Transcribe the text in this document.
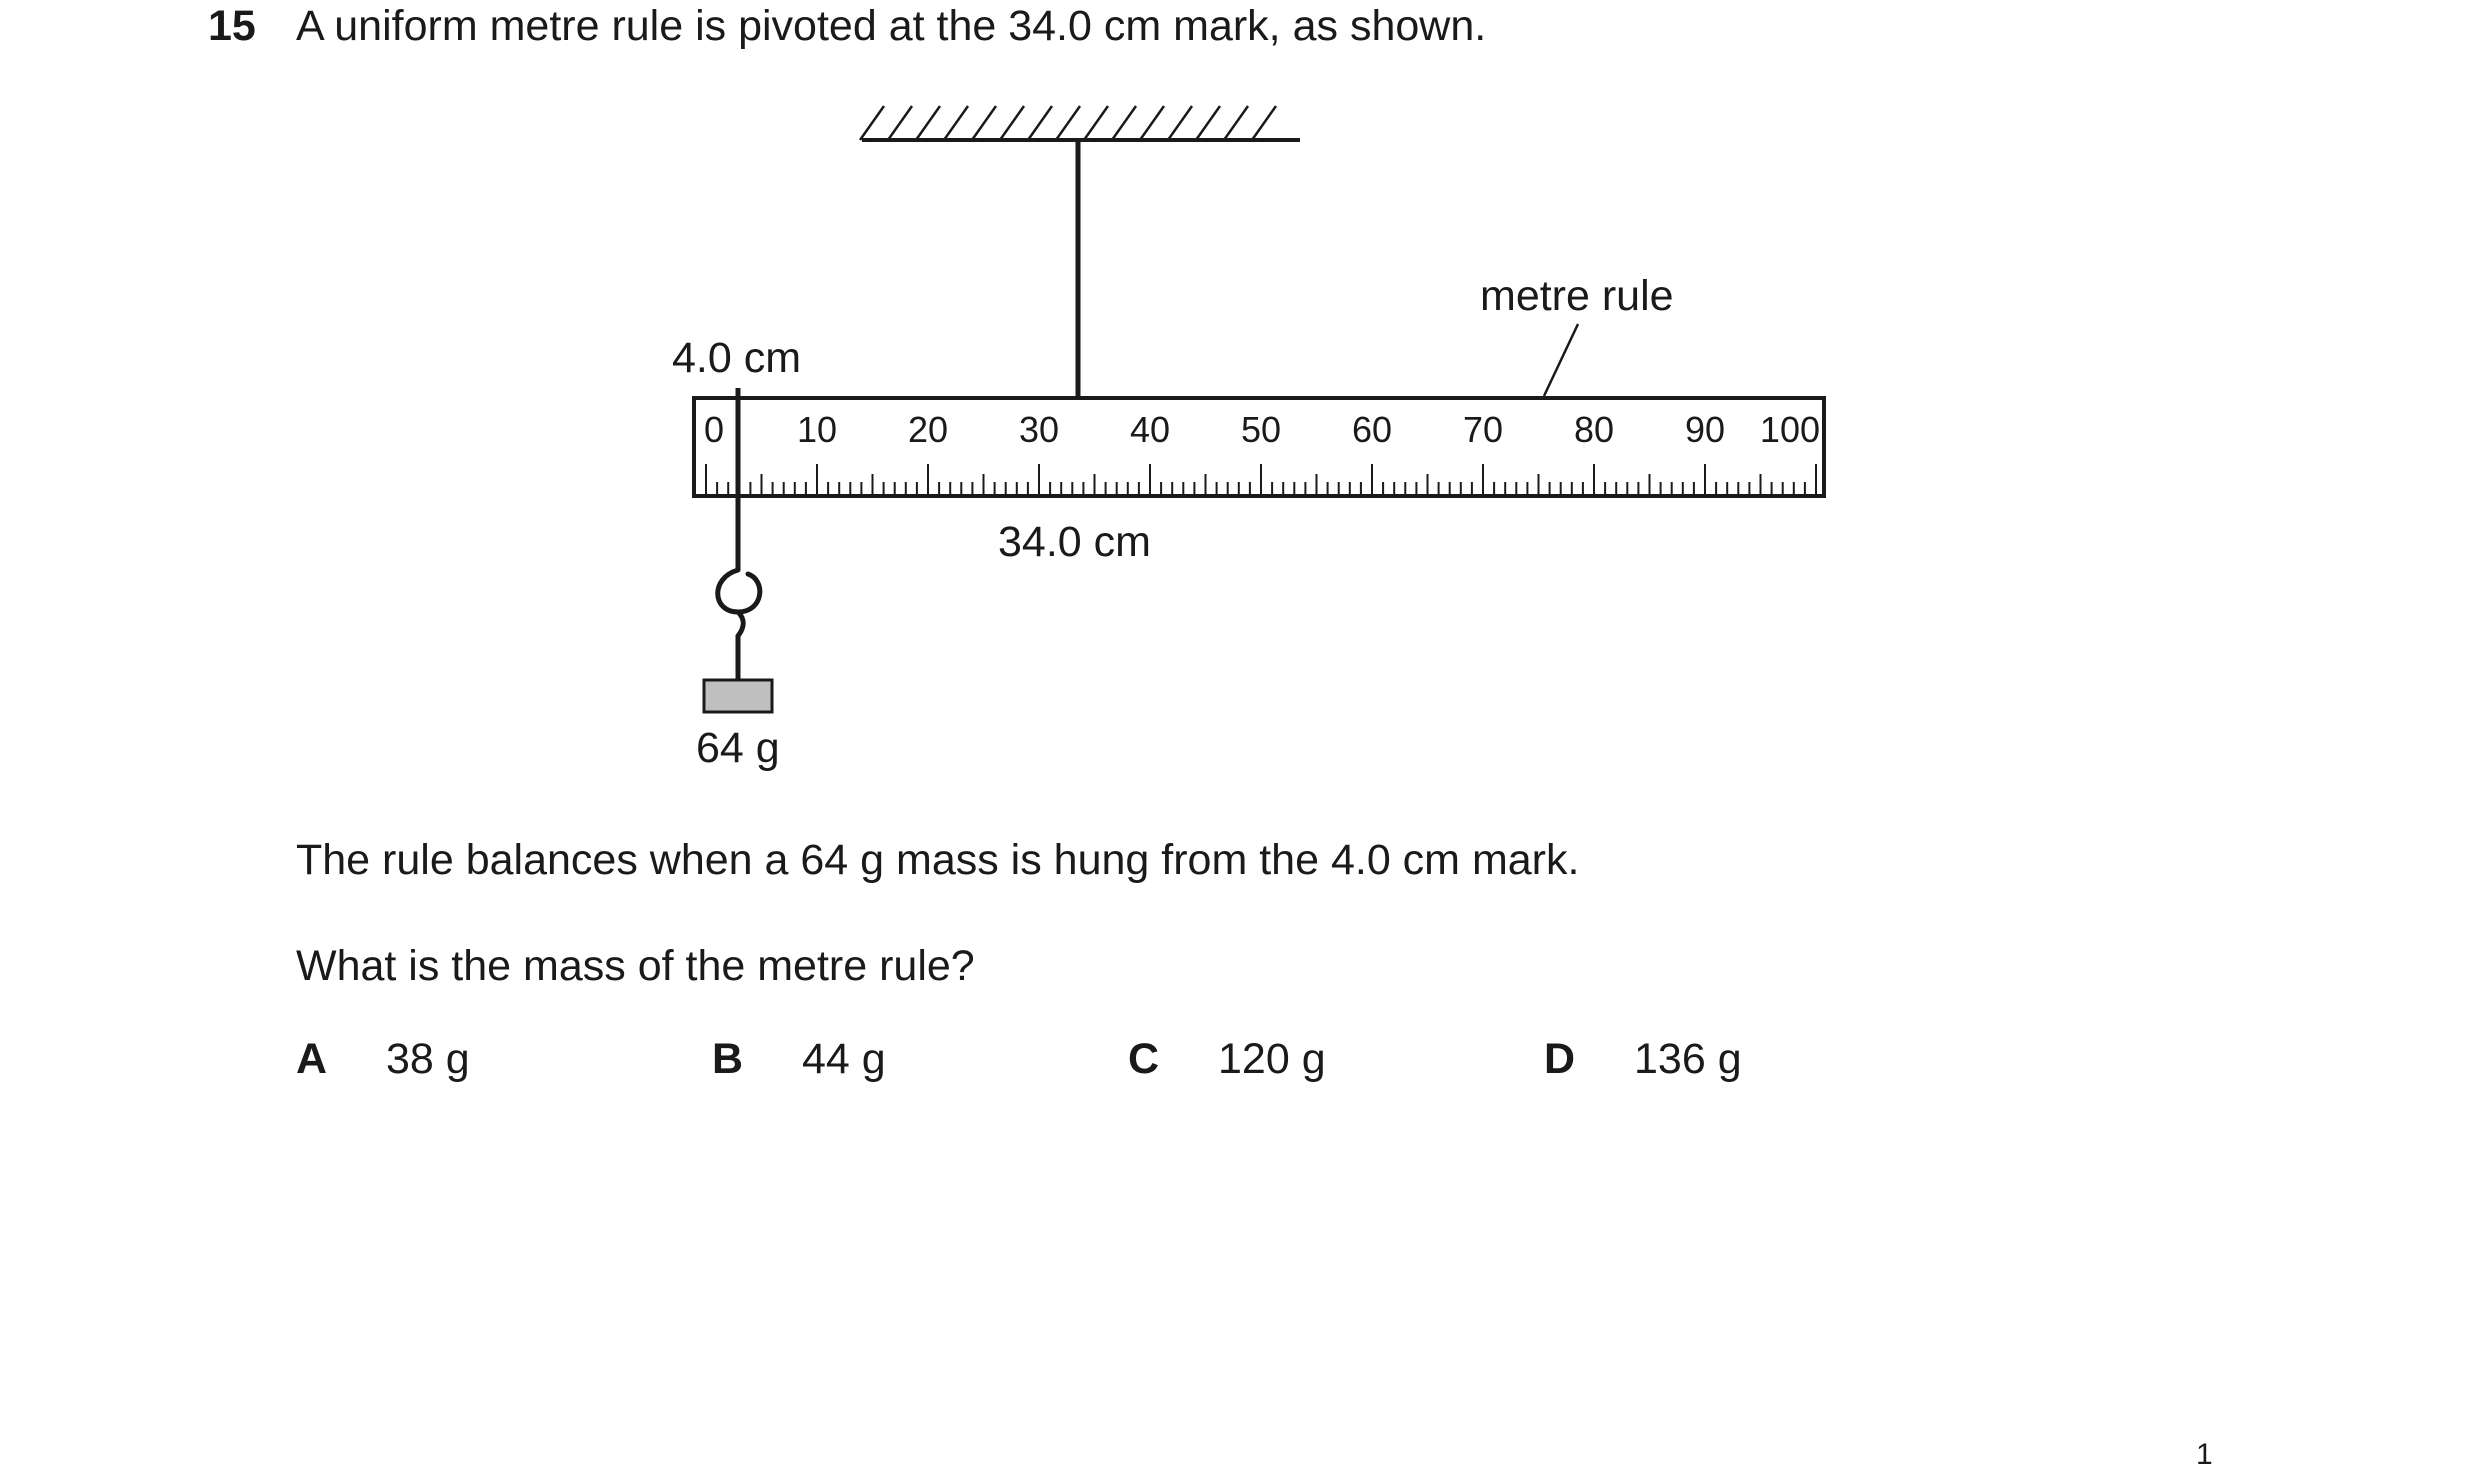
15 A uniform metre rule is pivoted at the 34.0 cm mark, as shown.
0 10 20 30 40 50 60 70 80 90 100
metre rule
4.0 cm
34.0 cm
64 g
The rule balances when a 64 g mass is hung from the 4.0 cm mark.
What is the mass of the metre rule?
A 38 g	B 44 g	C 120 g	D 136 g
1
